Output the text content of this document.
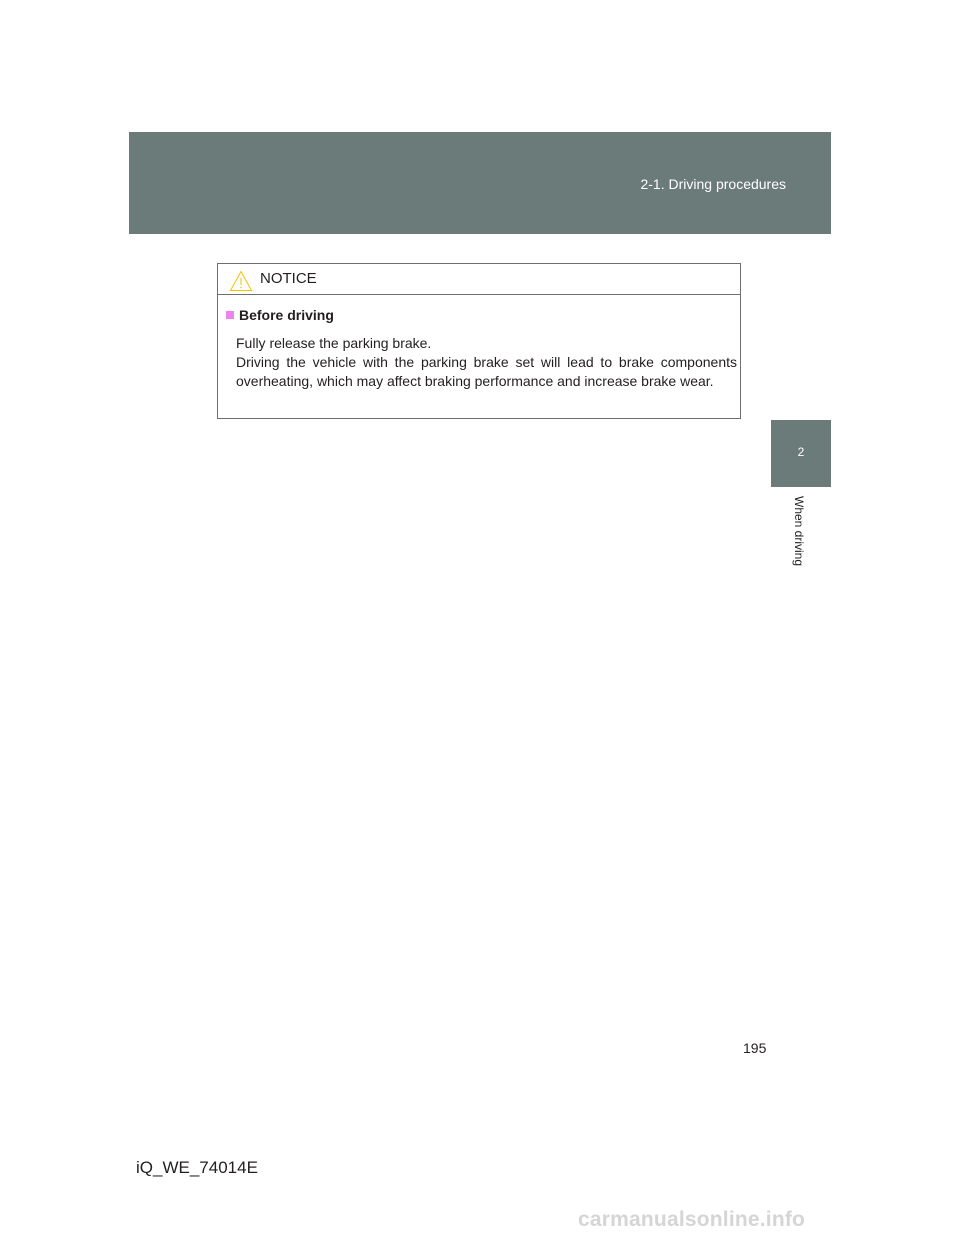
2-1. Driving procedures
2
When driving
NOTICE
Before driving
Fully release the parking brake.
Driving the vehicle with the parking brake set will lead to brake components overheating, which may affect braking performance and increase brake wear.
195
iQ_WE_74014E
carmanualsonline.info
